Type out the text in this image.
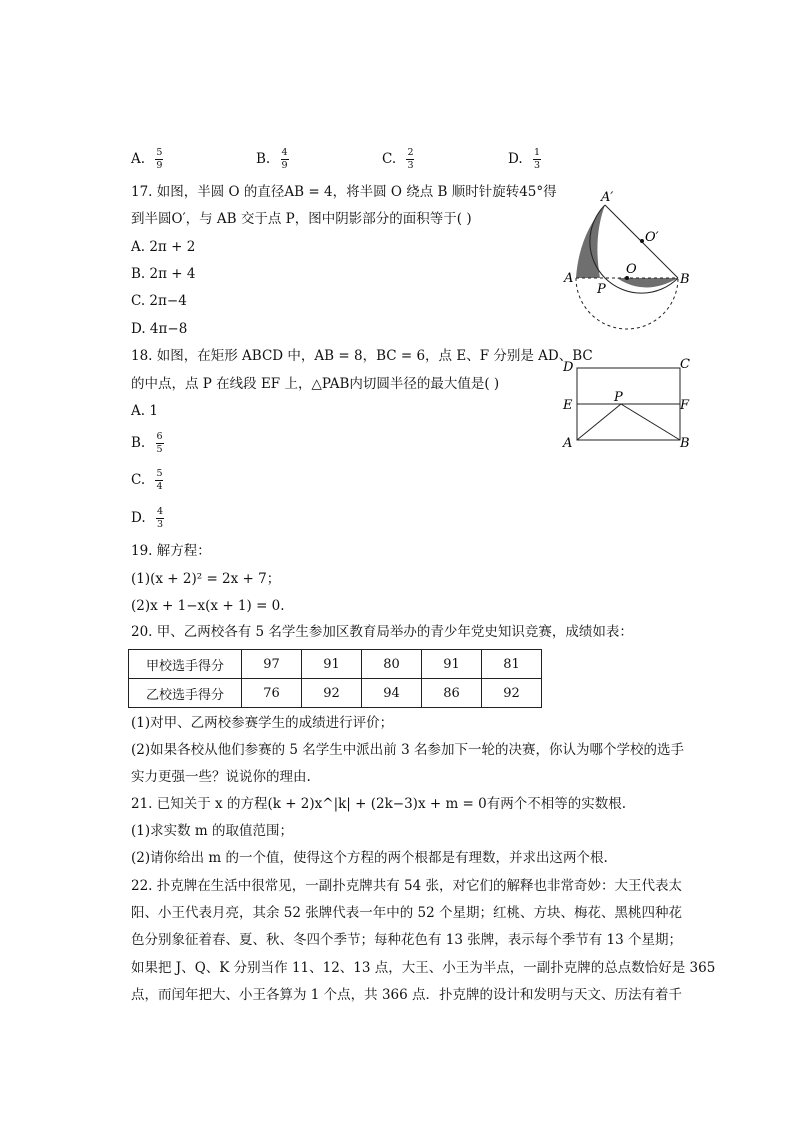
A. $\frac{5}{9}$	B. $\frac{4}{9}$	C. $\frac{2}{3}$	D. $\frac{1}{3}$
17. 如图，半圆 O 的直径AB = 4，将半圆 O 绕点 B 顺时针旋转45°得
到半圆O′，与 AB 交于点 P，图中阴影部分的面积等于( )
A. 2π + 2
B. 2π + 4
C. 2π−4
D. 4π−8
A′
O′
O
A
P
B
18. 如图，在矩形 ABCD 中，AB = 8，BC = 6，点 E、F 分别是 AD、BC
的中点，点 P 在线段 EF 上，△PAB内切圆半径的最大值是( )
A. 1
B. $\frac{6}{5}$
C. $\frac{5}{4}$
D. $\frac{4}{3}$
D	C
E
P
F
A	B
19. 解方程：
(1)(x + 2)² = 2x + 7；
(2)x + 1−x(x + 1) = 0.
20. 甲、乙两校各有 5 名学生参加区教育局举办的青少年党史知识竞赛，成绩如表：
甲校选手得分	97	91	80	91	81
乙校选手得分	76	92	94	86	92
(1)对甲、乙两校参赛学生的成绩进行评价；
(2)如果各校从他们参赛的 5 名学生中派出前 3 名参加下一轮的决赛，你认为哪个学校的选手
实力更强一些？说说你的理由.
21. 已知关于 x 的方程(k + 2)x^|k| + (2k−3)x + m = 0有两个不相等的实数根.
(1)求实数 m 的取值范围；
(2)请你给出 m 的一个值，使得这个方程的两个根都是有理数，并求出这两个根.
22. 扑克牌在生活中很常见，一副扑克牌共有 54 张，对它们的解释也非常奇妙：大王代表太
阳、小王代表月亮，其余 52 张牌代表一年中的 52 个星期；红桃、方块、梅花、黑桃四种花
色分别象征着春、夏、秋、冬四个季节；每种花色有 13 张牌，表示每个季节有 13 个星期；
如果把 J、Q、K 分别当作 11、12、13 点，大王、小王为半点，一副扑克牌的总点数恰好是 365
点，而闰年把大、小王各算为 1 个点，共 366 点．扑克牌的设计和发明与天文、历法有着千
